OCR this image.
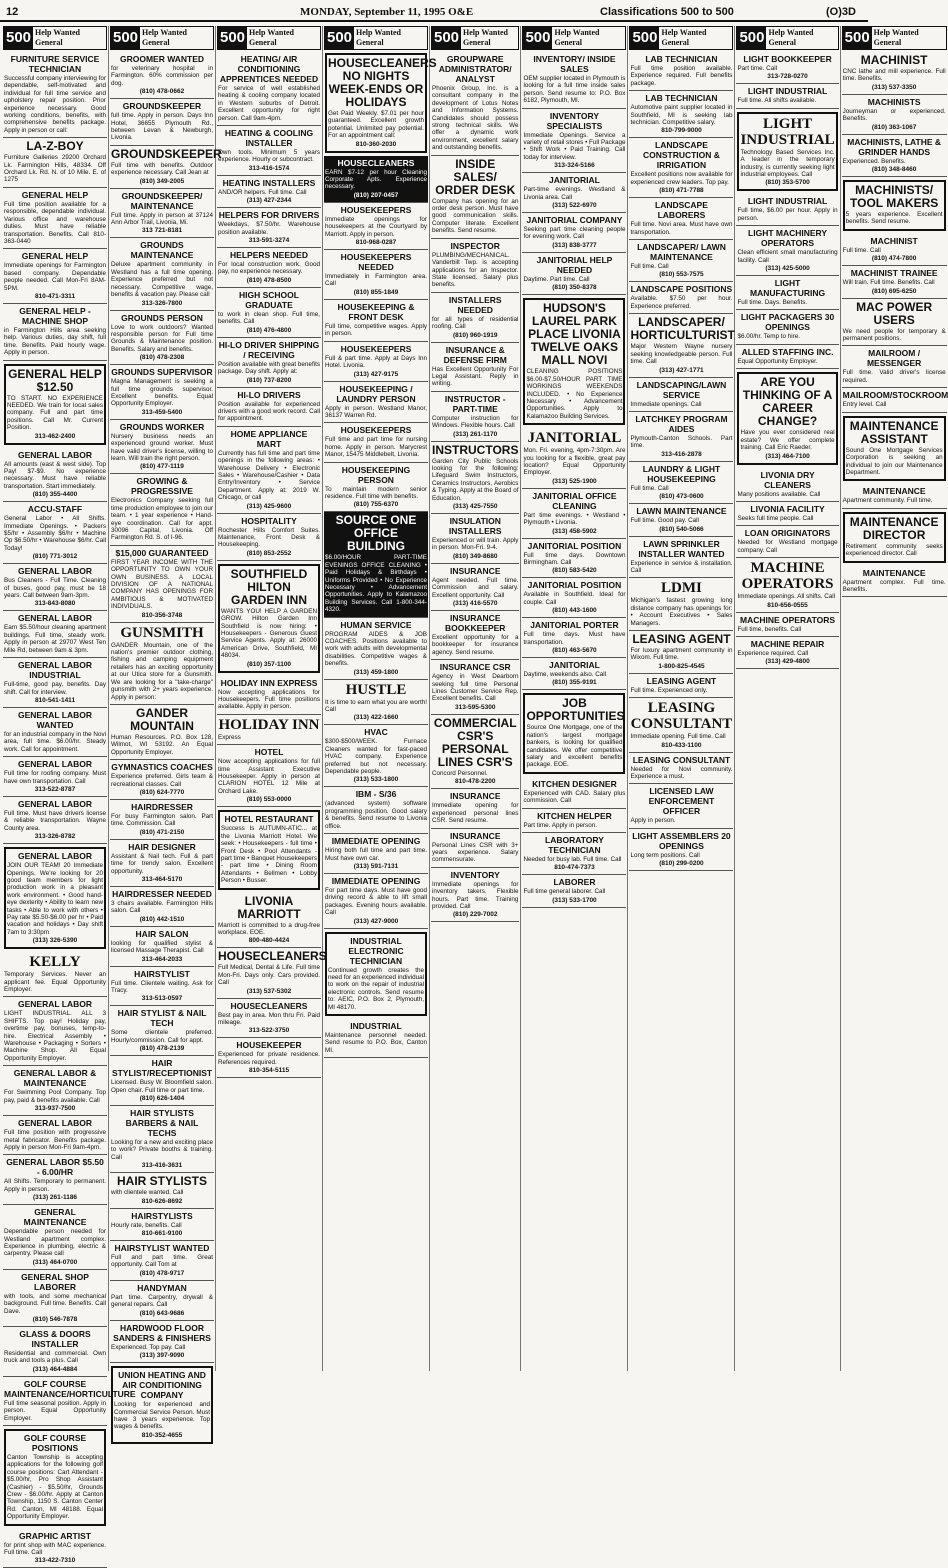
12	MONDAY, September 11, 1995 O&E	Classifications 500 to 500	(O)3D
500 Help Wanted General
FURNITURE SERVICE TECHNICIAN

Successful company interviewing for dependable, self-motivated and individual for full time service and upholstery repair position. Prior experience necessary. Good working conditions, benefits, with comprehensive benefits package. Apply in person or call:

LA-Z-BOY

Furniture Galleries 29200 Orchard Lk. Farmington Hills, 48334. Off Orchard Lk. Rd. N. of 10 Mile. E. of 1275

GENERAL HELP

Full time position available for a responsible, dependable individual. Various office and warehouse duties. Must have reliable transportation. Benefits. Call 810-363-0440

GENERAL HELP

Immediate openings for Farmington based company. Dependable people needed. Call Mon-Fri 8AM-5PM.

810-471-3311
GENERAL HELP - MACHINE SHOP

in Farmington Hills area seeking help. Various duties, day shift, full time. Benefits. Paid hourly wage. Apply in person.

GENERAL HELP $12.50

TO START. NO EXPERIENCE NEEDED. We train for local sales company. Full and part time positions. Call Mr. Current Position.

313-462-2400
GENERAL LABOR

All amounts (east & west side). Top Pay! $7-$9. No experience necessary. Must have reliable transportation. Start immediately.

(810) 355-4400
ACCU-STAFF

General Labor • All Shifts. Immediate Openings. • Packers $5/hr • Assembly $6/hr • Machine Op $6.50/hr • Warehouse $6/hr. Call Today!

(810) 771-3012
GENERAL LABOR

Bus Cleaners - Full Time. Cleaning of buses, good pay, must be 18 years. Call between 9am-3pm.

313-843-8080
GENERAL LABOR

Earn $5.50/hour cleaning apartment buildings. Full time, steady work. Apply in person at 29707 West Ten Mile Rd, between 9am & 3pm.

GENERAL LABOR INDUSTRIAL

Full-time, good pay, benefits. Day shift. Call for interview.

810-541-1411
GENERAL LABOR WANTED

for an industrial company in the Novi area, full time. $6.00/hr. Steady work. Call for appointment.

GENERAL LABOR

Full time for roofing company. Must have own transportation. Call

313-522-8787
GENERAL LABOR

Full time. Must have drivers license & reliable transportation. Wayne County area.

313-326-8782
GENERAL LABOR

JOIN OUR TEAM! 20 Immediate Openings. We're looking for 20 good team members for light production work in a pleasant work environment. • Good hand-eye dexterity • Ability to learn new tasks • Able to work with others • Pay rate $5.50-$6.00 per hr • Paid vacation and holidays • Day shift 7am to 3:30pm

(313) 326-5390
KELLY

Temporary Services. Never an applicant fee. Equal Opportunity Employer.

GENERAL LABOR

LIGHT INDUSTRIAL. ALL 3 SHIFTS. Top pay! Holiday pay, overtime pay, bonuses, temp-to-hire. Electrical Assembly • Warehouse • Packaging • Sorters • Machine Shop. All Equal Opportunity Employer.

GENERAL LABOR & MAINTENANCE

For Swimming Pool Company. Top pay, paid & benefits available. Call

313-937-7500
GENERAL LABOR

Full time position with progressive metal fabricator. Benefits package. Apply in person Mon-Fri 9am-4pm.

GENERAL LABOR $5.50 - 6.00/HR

All Shifts. Temporary to permanent. Apply in person.

(313) 261-1186
GENERAL MAINTENANCE

Dependable person needed for Westland apartment complex. Experience in plumbing, electric & carpentry. Please call

(313) 464-0700
GENERAL SHOP LABORER

with tools, and some mechanical background. Full time. Benefits. Call Dave.

(810) 546-7878
GLASS & DOORS INSTALLER

Residential and commercial. Own truck and tools a plus. Call

(313) 464-4884
GOLF COURSE MAINTENANCE/HORTICULTURE

Full time seasonal position. Apply in person. Equal Opportunity Employer.

GOLF COURSE POSITIONS

Canton Township is accepting applications for the following golf course positions: Cart Attendant - $5.00/hr, Pro Shop Assistant (Cashier) - $5.50/hr, Grounds Crew - $6.00/hr. Apply at Canton Township, 1150 S. Canton Center Rd. Canton, MI 48188. Equal Opportunity Employer.

GRAPHIC ARTIST

for print shop with MAC experience. Full time. Call

313-422-7310
500 Help Wanted General
GROOMER WANTED

for veterinary hospital in Farmington. 60% commission per dog.

(810) 478-0662
GROUNDSKEEPER

full time. Apply in person. Days Inn Hotel, 36655 Plymouth Rd., between Levan & Newburgh, Livonia.

GROUNDSKEEPER

Full time with benefits. Outdoor experience necessary. Call Jean at

(810) 349-2005
GROUNDSKEEPER/ MAINTENANCE

Full time. Apply in person at 37124 Ann Arbor Trail, Livonia, Mi.

313 721-8181
GROUNDS MAINTENANCE

Deluxe apartment community in Westland has a full time opening. Experience preferred but not necessary. Competitive wage, benefits & vacation pay. Please call

313-326-7800
GROUNDS PERSON

Love to work outdoors? Wanted responsible person for Full time Grounds & Maintenance position. Benefits. Salary and benefits.

(810) 478-2308
GROUNDS SUPERVISOR

Magna Management is seeking a full time grounds supervisor. Excellent benefits. Equal Opportunity Employer.

313-459-5400
GROUNDS WORKER

Nursery business needs an experienced ground worker. Must have valid driver's license, willing to learn. Will train the right person.

(810) 477-1119
GROWING & PROGRESSIVE

Electronics Company seeking full time production employee to join our team. • 1 year experience • Hand-eye coordination. Call for appt. 30096 Capital, Livonia. Off Farmington Rd. S. of I-96.

$15,000 GUARANTEED

FIRST YEAR INCOME WITH THE OPPORTUNITY TO OWN YOUR OWN BUSINESS. A LOCAL DIVISION OF A NATIONAL COMPANY HAS OPENINGS FOR AMBITIOUS & MOTIVATED INDIVIDUALS.

810-356-3748
GUNSMITH

GANDER Mountain, one of the nation's premier outdoor clothing, fishing and camping equipment retailers has an exciting opportunity at our Utica store for a Gunsmith. We are looking for a "take-charge" gunsmith with 2+ years experience. Apply in person:

GANDER MOUNTAIN

Human Resources. P.O. Box 128, Wilmot, WI 53192. An Equal Opportunity Employer.

GYMNASTICS COACHES

Experience preferred. Girls team & recreational classes. Call

(810) 624-7770
HAIRDRESSER

For busy Farmington salon. Part time. Commission. Call

(810) 471-2150
HAIR DESIGNER

Assistant & Nail tech. Full & part time for trendy salon. Excellent opportunity.

313-464-5170
HAIRDRESSER NEEDED

3 chairs available. Farmington Hills salon. Call

(810) 442-1510
HAIR SALON

looking for qualified stylist & licensed Massage Therapist. Call

313-464-2033
HAIRSTYLIST

Full time. Clientele waiting. Ask for Tracy.

313-513-0597
HAIR STYLIST & NAIL TECH

Some clientele preferred. Hourly/commission. Call for appt.

(810) 478-2139
HAIR STYLIST/RECEPTIONIST

Licensed. Busy W. Bloomfield salon. Open chair. Full time or part time.

(810) 626-1404
HAIR STYLISTS BARBERS & NAIL TECHS

Looking for a new and exciting place to work? Private booths & training. Call

313-416-3631
HAIR STYLISTS

with clientele wanted. Call

810-626-8692
HAIRSTYLISTS

Hourly rate, benefits. Call

810-661-9100
HAIRSTYLIST WANTED

Full and part time. Great opportunity. Call Tom at

(810) 478-9717
HANDYMAN

Part time. Carpentry, drywall & general repairs. Call

(810) 643-9686
HARDWOOD FLOOR SANDERS & FINISHERS

Experienced. Top pay. Call

(313) 397-9090
UNION HEATING AND AIR CONDITIONING COMPANY

Looking for experienced and Commercial Service Person. Must have 3 years experience. Top wages & benefits.

810-352-4655
500 Help Wanted General
HEATING/ AIR CONDITIONING APPRENTICES NEEDED

For service of well established heating & cooling company located in Western suburbs of Detroit. Excellent opportunity for right person. Call 9am-4pm.

HEATING & COOLING INSTALLER

Own tools. Minimum 5 years experience. Hourly or subcontract.

313-416-1574
HEATING INSTALLERS

AND/OR helpers. Full time. Call

(313) 427-2344
HELPERS FOR DRIVERS

Weekdays, $7.50/hr. Warehouse position available.

313-591-3274
HELPERS NEEDED

For local construction work. Good pay, no experience necessary.

(810) 478-8500
HIGH SCHOOL GRADUATE

to work in clean shop. Full time, benefits. Call

(810) 476-4800
HI-LO DRIVER SHIPPING / RECEIVING

Position available with great benefits package. Day shift. Apply at:

(810) 737-8200
HI-LO DRIVERS

Position available for experienced drivers with a good work record. Call for appointment.

HOME APPLIANCE MART

Currently has full time and part time openings in the following areas: • Warehouse Delivery • Electronic Sales • Warehouse/Cashier • Data Entry/Inventory • Service Department. Apply at: 2019 W. Chicago, or call

(313) 425-9600
HOSPITALITY

Rochester Hills Comfort Suites. Maintenance, Front Desk & Housekeeping.

(810) 853-2552
SOUTHFIELD HILTON GARDEN INN

WANTS YOU! HELP A GARDEN GROW. Hilton Garden Inn Southfield is now hiring: • Housekeepers - Generous Guest Service Agents. Apply at: 26000 American Drive, Southfield, MI 48034.

(810) 357-1100
HOLIDAY INN EXPRESS

Now accepting applications for Housekeepers. Full time positions available. Apply in person.

HOLIDAY INN

Express

HOTEL

Now accepting applications for full time Assistant Executive Housekeeper. Apply in person at CLARION HOTEL 12 Mile at Orchard Lake.

(810) 553-0000
HOTEL RESTAURANT

Success Is AUTUMN-ATIC... at the Livonia Marriott Hotel. We seek: • Housekeepers - full time • Front Desk • Pool Attendants - part time • Banquet Housekeepers - part time • Dining Room Attendants • Bellmen • Lobby Person • Busser.

LIVONIA MARRIOTT

Marriott is committed to a drug-free workplace. EOE.

800-480-4424
HOUSECLEANERS

Full Medical, Dental & Life. Full time Mon-Fri. Days only. Cars provided. Call

(313) 537-5302
HOUSECLEANERS

Best pay in area. Mon thru Fri. Paid mileage.

313-522-3750
HOUSEKEEPER

Experienced for private residence. References required.

810-354-5115
500 Help Wanted General
HOUSECLEANERS NO NIGHTS WEEK-ENDS OR HOLIDAYS

Get Paid Weekly. $7.01 per hour guaranteed. Excellent growth potential. Unlimited pay potential. For an appointment call:

810-360-2030
HOUSECLEANERS

EARN $7-12 per hour Cleaning Corporate Apts. Experience necessary.

(810) 207-0457
HOUSEKEEPERS

Immediate openings for housekeepers at the Courtyard by Marriott. Apply in person.

810-968-0287
HOUSEKEEPERS NEEDED

Immediately in Farmington area. Call

(810) 855-1849
HOUSEKEEPING & FRONT DESK

Full time, competitive wages. Apply in person.

HOUSEKEEPERS

Full & part time. Apply at Days Inn Hotel. Livonia.

(313) 427-9175
HOUSEKEEPING / LAUNDRY PERSON

Apply in person. Westland Manor, 36137 Warren Rd.

HOUSEKEEPERS

Full time and part time for nursing home. Apply in person. Marycrest Manor, 15475 Middlebelt, Livonia.

HOUSEKEEPING PERSON

To maintain modern senior residence. Full time with benefits.

(810) 755-6370
SOURCE ONE OFFICE BUILDING

$6.00/HOUR PART-TIME EVENINGS OFFICE CLEANING • Paid Holidays & Birthdays • Uniforms Provided • No Experience Necessary • Advancement Opportunities. Apply to Kalamazoo Building Services. Call 1-800-344-4320.

HUMAN SERVICE

PROGRAM AIDES & JOB COACHES. Positions available to work with adults with developmental disabilities. Competitive wages & benefits.

(313) 459-1800
HUSTLE

It is time to earn what you are worth! Call

(313) 422-1660
HVAC

$300-$500/WEEK. Furnace Cleaners wanted for fast-paced HVAC company. Experience preferred but not necessary. Dependable people.

(313) 533-1800
IBM - S/36

(advanced system) software programming position. Good salary & benefits. Send resume to Livonia office.

IMMEDIATE OPENING

Hiring both full time and part time. Must have own car.

(313) 591-7131
IMMEDIATE OPENING

For part time days. Must have good driving record & able to lift small packages. Evening hours available. Call

(313) 427-9000
INDUSTRIAL ELECTRONIC TECHNICIAN

Continued growth creates the need for an experienced individual to work on the repair of industrial electronic controls. Send resume to: AEIC, P.O. Box 2, Plymouth, MI 48170.

INDUSTRIAL

Maintenance personnel needed. Send resume to P.O. Box, Canton MI.

500 Help Wanted General
GROUPWARE ADMINISTRATOR/ ANALYST

Phoenix Group, Inc. is a consultant company in the development of Lotus Notes and Information Systems. Candidates should possess strong technical skills. We offer a dynamic work environment, excellent salary and outstanding benefits.

INSIDE SALES/ ORDER DESK

Company has opening for an order desk person. Must have good communication skills. Computer literate. Excellent benefits. Send resume.

INSPECTOR

PLUMBING/MECHANICAL. Vanderbilt Twp. is accepting applications for an Inspector. State licensed. Salary plus benefits.

INSTALLERS NEEDED

for all types of residential roofing. Call

(810) 960-1919
INSURANCE & DEFENSE FIRM

Has Excellent Opportunity For Legal Assistant. Reply in writing.

INSTRUCTOR - PART-TIME

Computer instruction for Windows. Flexible hours. Call

(313) 261-1170
INSTRUCTORS

Garden City Public Schools looking for the following: Lifeguard Swim Instructors, Ceramics Instructors, Aerobics & Typing. Apply at the Board of Education.

(313) 425-7550
INSULATION INSTALLERS

Experienced or will train. Apply in person. Mon-Fri. 9-4.

(810) 349-8680
INSURANCE

Agent needed. Full time. Commission and salary. Excellent opportunity. Call

(313) 416-5570
INSURANCE BOOKKEEPER

Excellent opportunity for a bookkeeper for insurance agency. Send resume.

INSURANCE CSR

Agency in West Dearborn seeking full time Personal Lines Customer Service Rep. Excellent benefits. Call

313-595-5300
COMMERCIAL CSR'S PERSONAL LINES CSR'S

Concord Personnel.

810-478-2200
INSURANCE

Immediate opening for experienced personal lines CSR. Send resume.

INSURANCE

Personal Lines CSR with 3+ years experience. Salary commensurate.

INVENTORY

Immediate openings for inventory takers. Flexible hours. Part time. Training provided. Call

(810) 229-7002
500 Help Wanted General
INVENTORY/ INSIDE SALES

OEM supplier located in Plymouth is looking for a full time inside sales person. Send resume to: P.O. Box 6182, Plymouth, MI.

INVENTORY SPECIALISTS

Immediate Openings. Service a variety of retail stores • Full Package • Shift Work • Paid Training. Call today for interview.

313-324-5166
JANITORIAL

Part-time evenings. Westland & Livonia area. Call

(313) 522-6970
JANITORIAL COMPANY

Seeking part time cleaning people for evening work. Call

(313) 838-3777
JANITORIAL HELP NEEDED

Daytime. Part time. Call

(810) 350-8378
HUDSON'S LAUREL PARK PLACE LIVONIA TWELVE OAKS MALL NOVI

CLEANING POSITIONS $6.00-$7.50/HOUR PART TIME WORKINGS WEEKENDS INCLUDED. • No Experience Necessary • Advancement Opportunities. Apply to Kalamazoo Building Services.

JANITORIAL

Mon. Fri. evening, 4pm-7:30pm. Are you looking for a flexible, great pay location? Equal Opportunity Employer.

(313) 525-1900
JANITORIAL OFFICE CLEANING

Part time evenings. • Westland • Plymouth • Livonia.

(313) 458-5902
JANITORIAL POSITION

Full time days. Downtown Birmingham. Call

(810) 583-5420
JANITORIAL POSITION

Available in Southfield. Ideal for couple. Call

(810) 443-1600
JANITORIAL PORTER

Full time days. Must have transportation.

(810) 463-5670
JANITORIAL

Daytime, weekends also. Call

(810) 355-9191
JOB OPPORTUNITIES

Source One Mortgage, one of the nation's largest mortgage bankers, is looking for qualified candidates. We offer competitive salary and excellent benefits package. EOE.

KITCHEN DESIGNER

Experienced with CAD. Salary plus commission. Call

KITCHEN HELPER

Part time. Apply in person.

LABORATORY TECHNICIAN

Needed for busy lab. Full time. Call

810-474-7373
LABORER

Full time general laborer. Call

(313) 533-1700
500 Help Wanted General
LAB TECHNICIAN

Full time position available. Experience required. Full benefits package.

LAB TECHNICIAN

Automotive paint supplier located in Southfield, MI is seeking lab technician. Competitive salary.

810-799-9000
LANDSCAPE CONSTRUCTION & IRRIGATION

Excellent positions now available for experienced crew leaders. Top pay.

(810) 471-7788
LANDSCAPE LABORERS

Full time. Novi area. Must have own transportation.

LANDSCAPER/ LAWN MAINTENANCE

Full time. Call

(810) 553-7575
LANDSCAPE POSITIONS

Available. $7.50 per hour. Experience preferred.

LANDSCAPER/ HORTICULTURIST

Major Western Wayne nursery seeking knowledgeable person. Full time. Call

(313) 427-1771
LANDSCAPING/LAWN SERVICE

Immediate openings. Call

LATCHKEY PROGRAM AIDES

Plymouth-Canton Schools. Part time.

313-416-2878
LAUNDRY & LIGHT HOUSEKEEPING

Full time. Call

(810) 473-0600
LAWN MAINTENANCE

Full time. Good pay. Call

(810) 540-5066
LAWN SPRINKLER INSTALLER WANTED

Experience in service & installation. Call

LDMI

Michigan's fastest growing long distance company has openings for: • Account Executives • Sales Managers.

LEASING AGENT

For luxury apartment community in Wixom. Full time.

1-800-825-4545
LEASING AGENT

Full time. Experienced only.

LEASING CONSULTANT

Immediate opening. Full time. Call

810-433-1100
LEASING CONSULTANT

Needed for Novi community. Experience a must.

LICENSED LAW ENFORCEMENT OFFICER

Apply in person.

LIGHT ASSEMBLERS 20 OPENINGS

Long term positions. Call

(810) 299-0200
500 Help Wanted General
LIGHT BOOKKEEPER

Part time. Call

313-728-0270
LIGHT INDUSTRIAL

Full time. All shifts available.

LIGHT INDUSTRIAL

Technology Based Services Inc. A leader in the temporary industry, is currently seeking light industrial employees. Call

(810) 353-5700
LIGHT INDUSTRIAL

Full time, $6.00 per hour. Apply in person.

LIGHT MACHINERY OPERATORS

Clean efficient small manufacturing facility. Call

(313) 425-5000
LIGHT MANUFACTURING

Full time. Days. Benefits.

LIGHT PACKAGERS 30 OPENINGS

$6.00/hr. Temp to hire.

ALLED STAFFING INC.

Equal Opportunity Employer.

ARE YOU THINKING OF A CAREER CHANGE?

Have you ever considered real estate? We offer complete training. Call Eric Raeder.

(313) 464-7100
LIVONIA DRY CLEANERS

Many positions available. Call

LIVONIA FACILITY

Seeks full time people. Call

LOAN ORIGINATORS

Needed for Westland mortgage company. Call

MACHINE OPERATORS

Immediate openings. All shifts. Call

810-656-0555
MACHINE OPERATORS

Full time, benefits. Call

MACHINE REPAIR

Experience required. Call

(313) 429-4800
500 Help Wanted General
MACHINIST

CNC lathe and mill experience. Full time. Benefits.

(313) 537-3350
MACHINISTS

Journeyman or experienced. Benefits.

(810) 363-1067
MACHINISTS, LATHE & GRINDER HANDS

Experienced. Benefits.

(810) 348-8460
MACHINISTS/ TOOL MAKERS

5 years experience. Excellent benefits. Send resume.

MACHINIST

Full time. Call

(810) 474-7800
MACHINIST TRAINEE

Will train. Full time. Benefits. Call

(810) 695-6250
MAC POWER USERS

We need people for temporary & permanent positions.

MAILROOM / MESSENGER

Full time. Valid driver's license required.

MAILROOM/STOCKROOM

Entry level. Call

MAINTENANCE ASSISTANT

Sound One Mortgage Services Corporation is seeking an individual to join our Maintenance Department.

MAINTENANCE

Apartment community. Full time.

MAINTENANCE DIRECTOR

Retirement community seeks experienced director. Call

MAINTENANCE

Apartment complex. Full time. Benefits.
